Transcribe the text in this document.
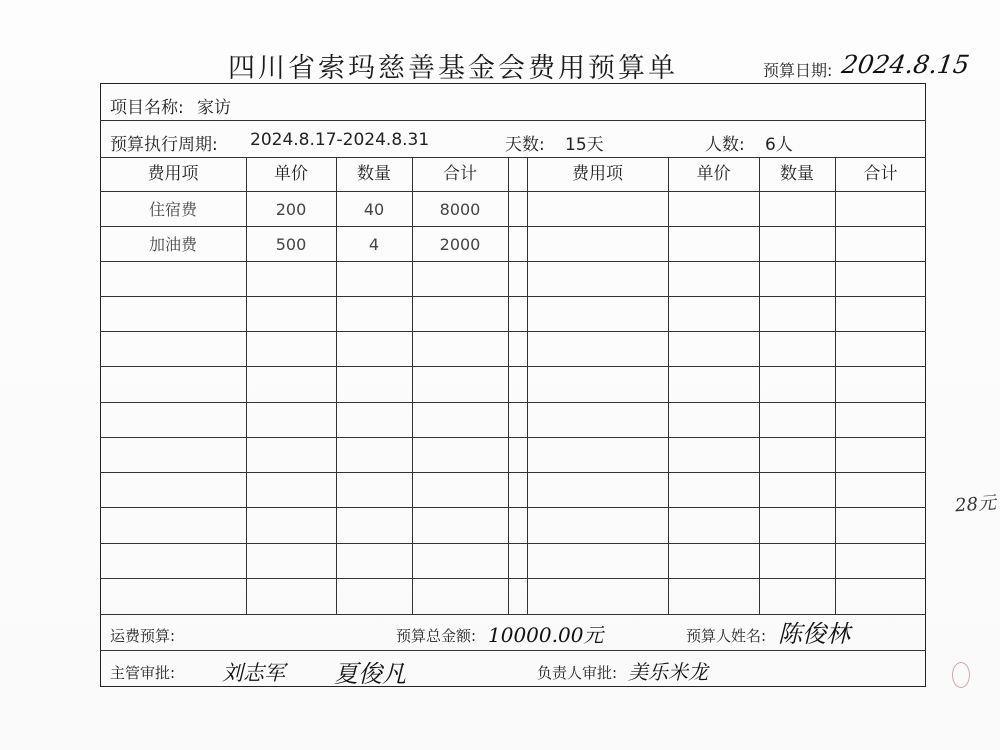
四川省索玛慈善基金会费用预算单	预算日期: 2024.8.15
项目名称: 家访
预算执行周期: 2024.8.17-2024.8.31	天数: 15天	人数: 6人
费用项	单价	数量	合计	费用项	单价	数量	合计
住宿费	200	40	8000
加油费	500	4	2000
运费预算:	预算总金额: 10000.00元	预算人姓名: 陈俊林
主管审批: 刘志军 夏俊凡	负责人审批: 美乐米龙
28元
